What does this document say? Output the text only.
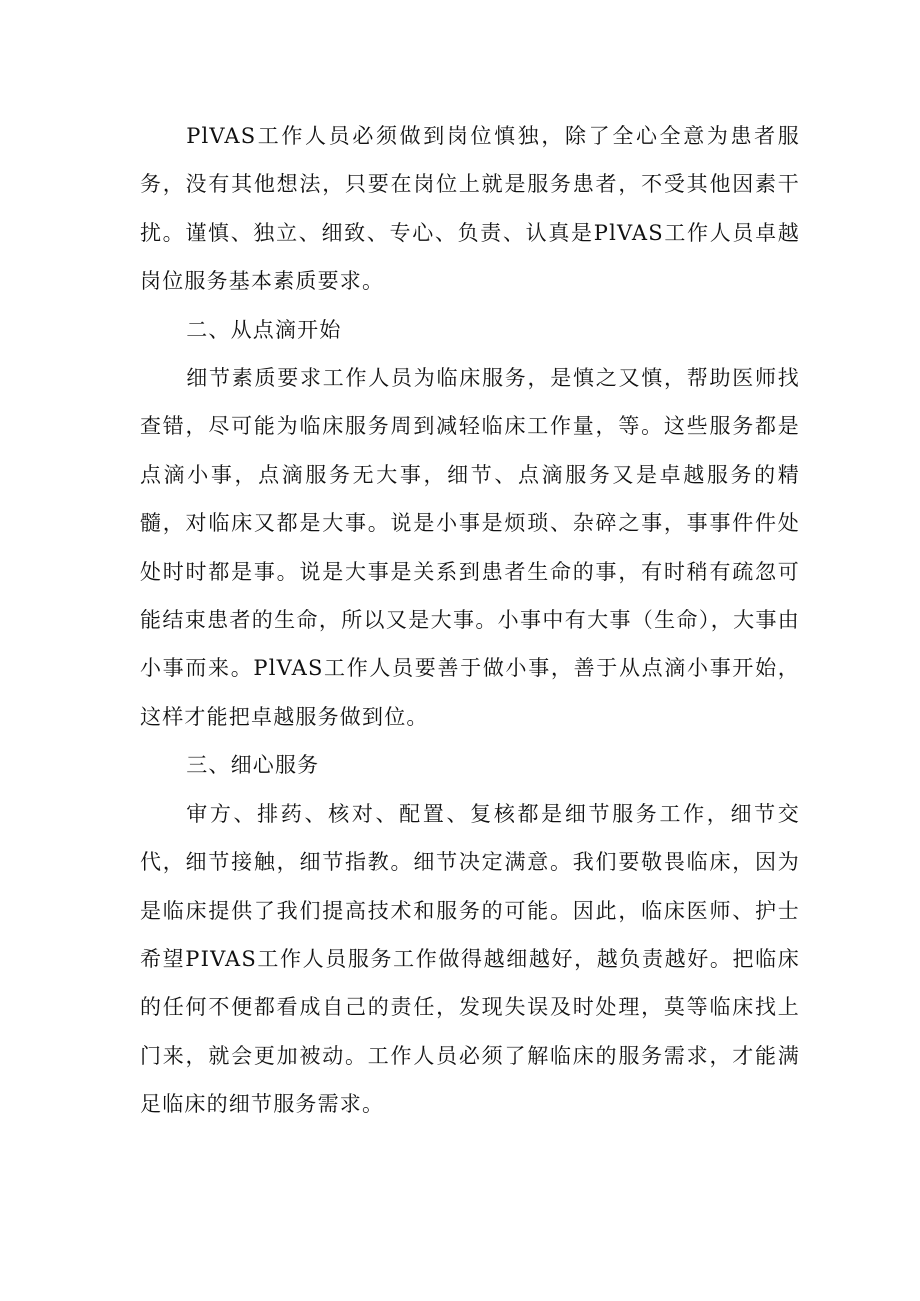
PlVAS工作人员必须做到岗位慎独，除了全心全意为患者服务，没有其他想法，只要在岗位上就是服务患者，不受其他因素干扰。谨慎、独立、细致、专心、负责、认真是PlVAS工作人员卓越岗位服务基本素质要求。

二、从点滴开始

细节素质要求工作人员为临床服务，是慎之又慎，帮助医师找查错，尽可能为临床服务周到减轻临床工作量，等。这些服务都是点滴小事，点滴服务无大事，细节、点滴服务又是卓越服务的精髓，对临床又都是大事。说是小事是烦琐、杂碎之事，事事件件处处时时都是事。说是大事是关系到患者生命的事，有时稍有疏忽可能结束患者的生命，所以又是大事。小事中有大事（生命），大事由小事而来。PlVAS工作人员要善于做小事，善于从点滴小事开始，这样才能把卓越服务做到位。

三、细心服务

审方、排药、核对、配置、复核都是细节服务工作，细节交代，细节接触，细节指教。细节决定满意。我们要敬畏临床，因为是临床提供了我们提高技术和服务的可能。因此，临床医师、护士希望PIVAS工作人员服务工作做得越细越好，越负责越好。把临床的任何不便都看成自己的责任，发现失误及时处理，莫等临床找上门来，就会更加被动。工作人员必须了解临床的服务需求，才能满足临床的细节服务需求。
